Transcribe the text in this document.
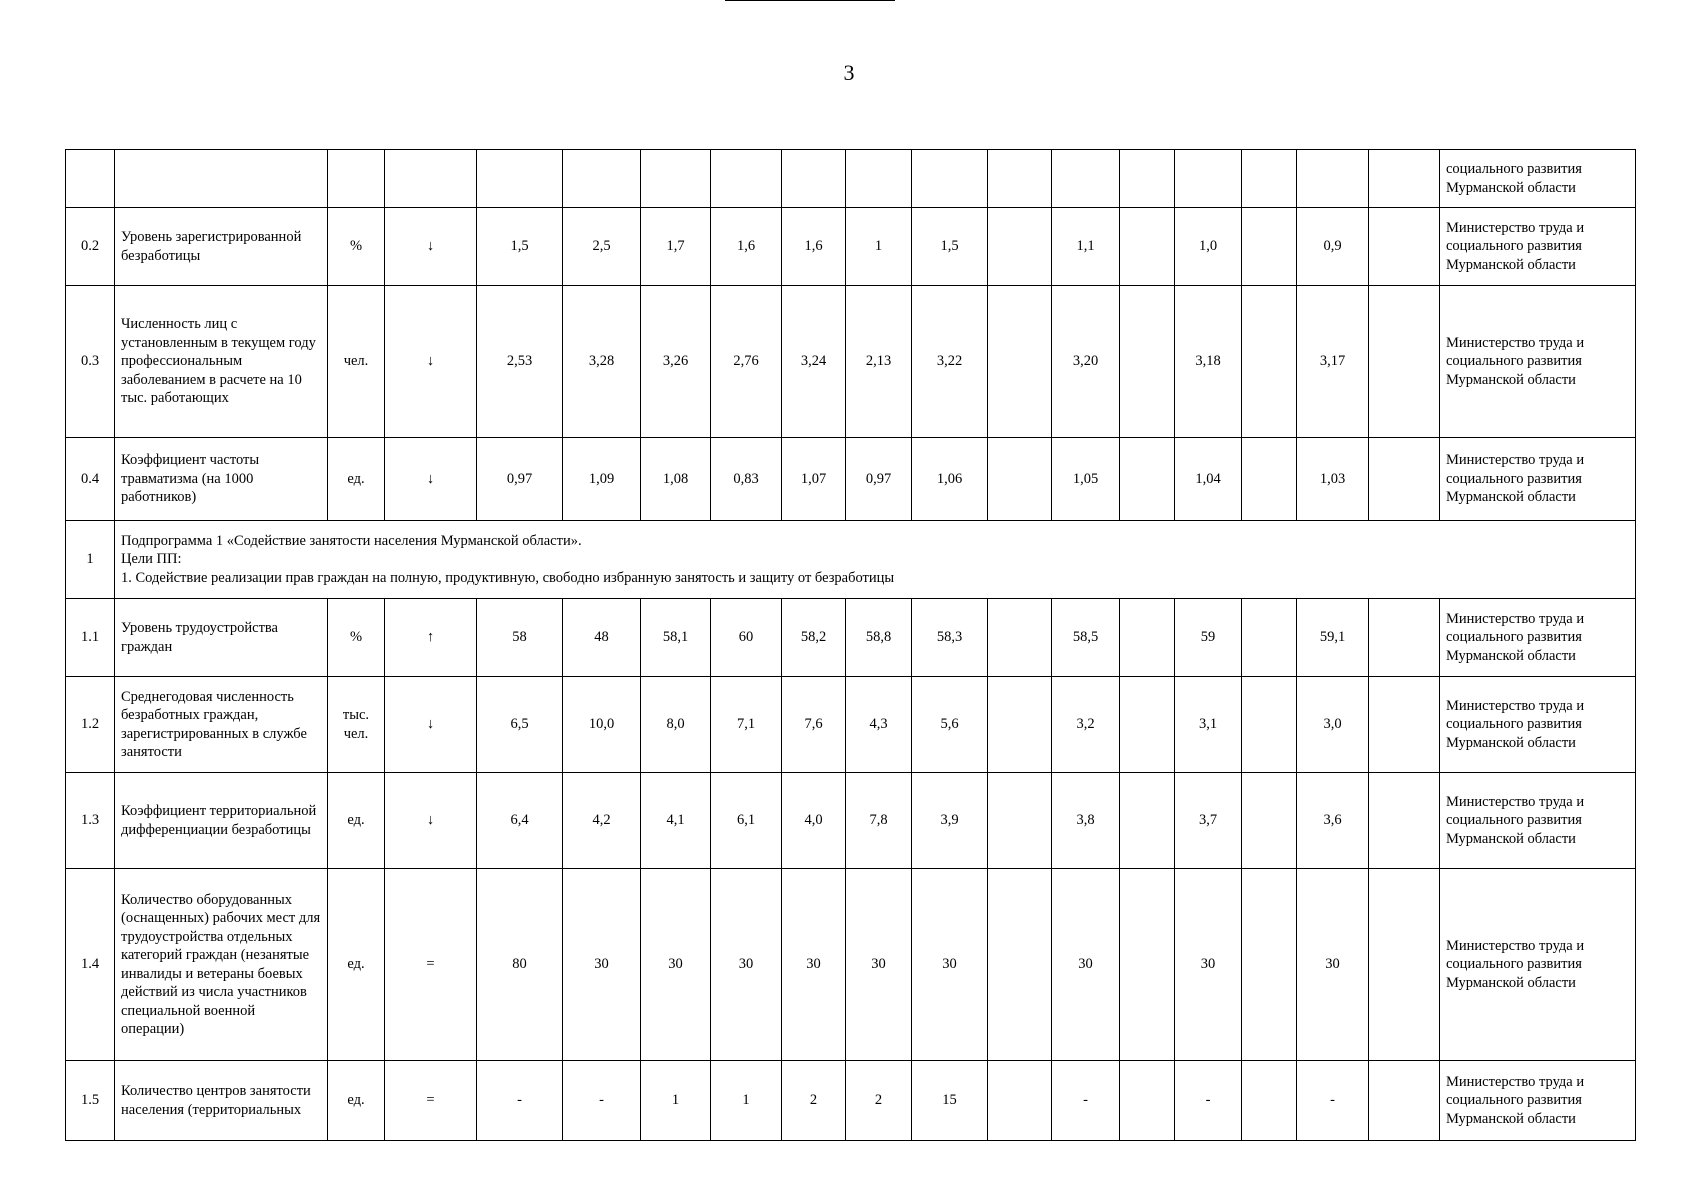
3
																		социального развития Мурманской области
0.2	Уровень зарегистрированной безработицы	%	↓	1,5	2,5	1,7	1,6	1,6	1	1,5		1,1		1,0		0,9		Министерство труда и социального развития Мурманской области
0.3	Численность лиц с установленным в текущем году профессиональным заболеванием в расчете на 10 тыс. работающих	чел.	↓	2,53	3,28	3,26	2,76	3,24	2,13	3,22		3,20		3,18		3,17		Министерство труда и социального развития Мурманской области
0.4	Коэффициент частоты травматизма (на 1000 работников)	ед.	↓	0,97	1,09	1,08	0,83	1,07	0,97	1,06		1,05		1,04		1,03		Министерство труда и социального развития Мурманской области
1	Подпрограмма 1 «Содействие занятости населения Мурманской области».
Цели ПП:
1. Содействие реализации прав граждан на полную, продуктивную, свободно избранную занятость и защиту от безработицы																	

1.1	Уровень трудоустройства граждан	%	↑	58	48	58,1	60	58,2	58,8	58,3		58,5		59		59,1		Министерство труда и социального развития Мурманской области
1.2	Среднегодовая численность безработных граждан, зарегистрированных в службе занятости	тыс. чел.	↓	6,5	10,0	8,0	7,1	7,6	4,3	5,6		3,2		3,1		3,0		Министерство труда и социального развития Мурманской области
1.3	Коэффициент территориальной дифференциации безработицы	ед.	↓	6,4	4,2	4,1	6,1	4,0	7,8	3,9		3,8		3,7		3,6		Министерство труда и социального развития Мурманской области
1.4	Количество оборудованных (оснащенных) рабочих мест для трудоустройства отдельных категорий граждан (незанятые инвалиды и ветераны боевых действий из числа участников специальной военной операции)	ед.	=	80	30	30	30	30	30	30		30		30		30		Министерство труда и социального развития Мурманской области
1.5	Количество центров занятости населения (территориальных	ед.	=	-	-	1	1	2	2	15		-		-		-		Министерство труда и социального развития Мурманской области
